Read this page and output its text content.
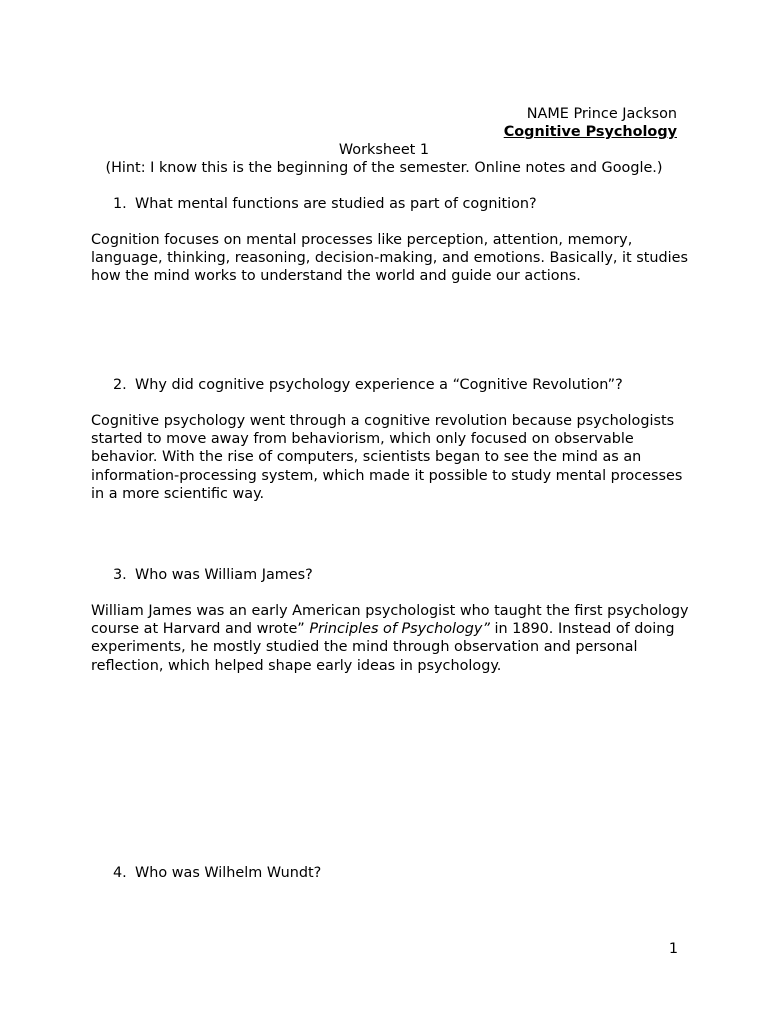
NAME Prince Jackson
Cognitive Psychology
Worksheet 1
(Hint: I know this is the beginning of the semester. Online notes and Google.)
1. What mental functions are studied as part of cognition?

Cognition focuses on mental processes like perception, attention, memory, language, thinking, reasoning, decision-making, and emotions. Basically, it studies how the mind works to understand the world and guide our actions.

2. Why did cognitive psychology experience a “Cognitive Revolution”?

Cognitive psychology went through a cognitive revolution because psychologists started to move away from behaviorism, which only focused on observable behavior. With the rise of computers, scientists began to see the mind as an information-processing system, which made it possible to study mental processes in a more scientific way.

3. Who was William James?

William James was an early American psychologist who taught the first psychology course at Harvard and wrote” Principles of Psychology” in 1890. Instead of doing experiments, he mostly studied the mind through observation and personal reflection, which helped shape early ideas in psychology.

4. Who was Wilhelm Wundt?
1
